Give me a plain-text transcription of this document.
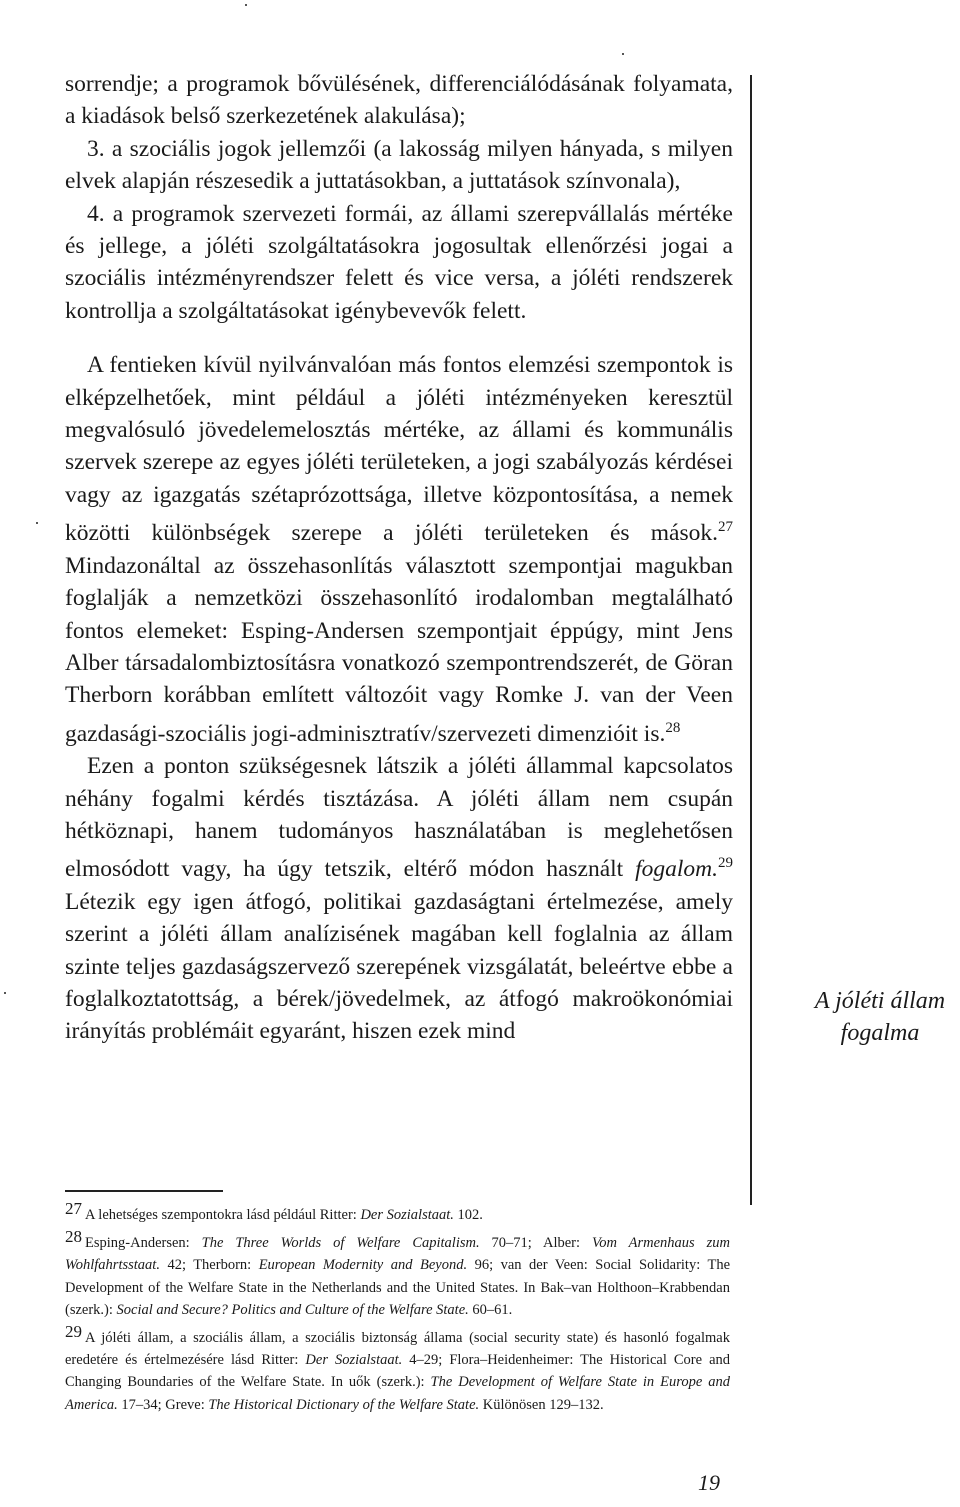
sorrendje; a programok bővülésének, differenciálódásának folyamata, a kiadások belső szerkezetének alakulása);

3. a szociális jogok jellemzői (a lakosság milyen hányada, s milyen elvek alapján részesedik a juttatásokban, a juttatások színvonala),

4. a programok szervezeti formái, az állami szerepvállalás mértéke és jellege, a jóléti szolgáltatásokra jogosultak ellenőrzési jogai a szociális intézményrendszer felett és vice versa, a jóléti rendszerek kontrollja a szolgáltatásokat igénybevevők felett.

A fentieken kívül nyilvánvalóan más fontos elemzési szempontok is elképzelhetőek, mint például a jóléti intézményeken keresztül megvalósuló jövedelemelosztás mértéke, az állami és kommunális szervek szerepe az egyes jóléti területeken, a jogi szabályozás kérdései vagy az igazgatás szétaprózottsága, illetve központosítása, a nemek közötti különbségek szerepe a jóléti területeken és mások.$^{27}$ Mindazonáltal az összehasonlítás választott szempontjai magukban foglalják a nemzetközi összehasonlító irodalomban megtalálható fontos elemeket: Esping-Andersen szempontjait éppúgy, mint Jens Alber társadalombiztosításra vonatkozó szempontrendszerét, de Göran Therborn korábban említett változóit vagy Romke J. van der Veen gazdasági-szociális jogi-adminisztratív/szervezeti dimenzióit is.$^{28}$

Ezen a ponton szükségesnek látszik a jóléti állammal kapcsolatos néhány fogalmi kérdés tisztázása. A jóléti állam nem csupán hétköznapi, hanem tudományos használatában is meglehetősen elmosódott vagy, ha úgy tetszik, eltérő módon használt fogalom.$^{29}$ Létezik egy igen átfogó, politikai gazdaságtani értelmezése, amely szerint a jóléti állam analízisének magában kell foglalnia az állam szinte teljes gazdaságszervező szerepének vizsgálatát, beleértve ebbe a foglalkoztatottság, a bérek/jövedelmek, az átfogó makroökonómiai irányítás problémáit egyaránt, hiszen ezek mind

A jóléti állam
fogalma

$^{27}$ A lehetséges szempontokra lásd például Ritter: Der Sozialstaat. 102.

$^{28}$ Esping-Andersen: The Three Worlds of Welfare Capitalism. 70–71; Alber: Vom Armenhaus zum Wohlfahrtsstaat. 42; Therborn: European Modernity and Beyond. 96; van der Veen: Social Solidarity: The Development of the Welfare State in the Netherlands and the United States. In Bak–van Holthoon–Krabbendan (szerk.): Social and Secure? Politics and Culture of the Welfare State. 60–61.

$^{29}$ A jóléti állam, a szociális állam, a szociális biztonság állama (social security state) és hasonló fogalmak eredetére és értelmezésére lásd Ritter: Der Sozialstaat. 4–29; Flora–Heidenheimer: The Historical Core and Changing Boundaries of the Welfare State. In uők (szerk.): The Development of Welfare State in Europe and America. 17–34; Greve: The Historical Dictionary of the Welfare State. Különösen 129–132.

19
